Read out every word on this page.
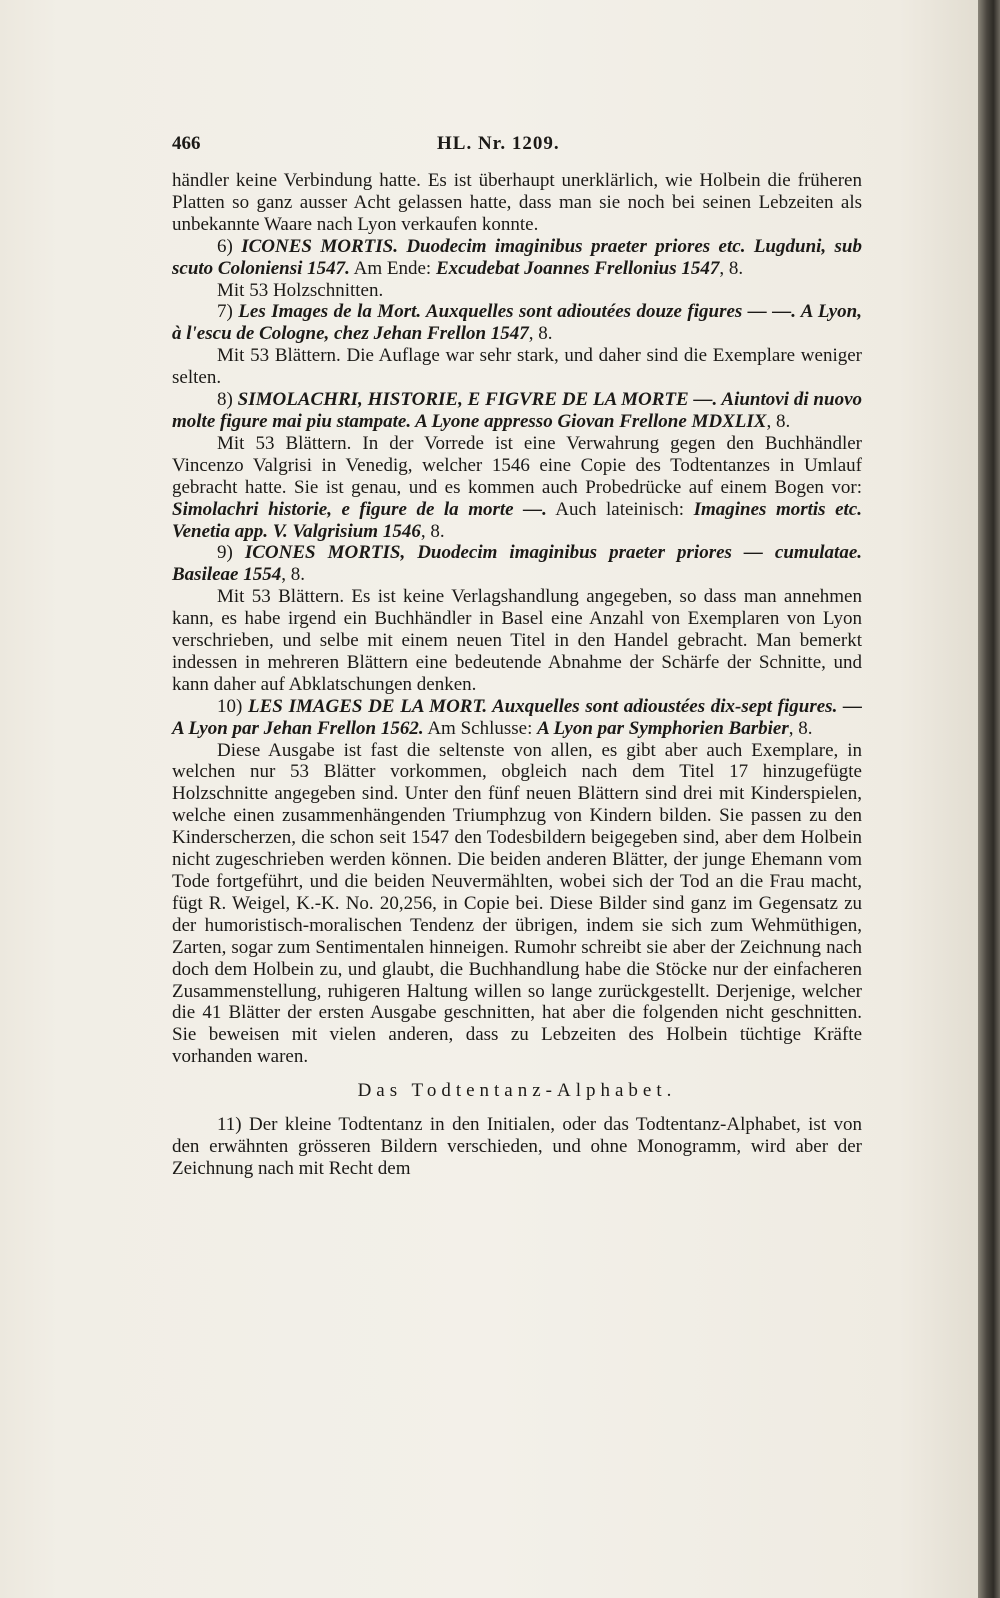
466	HL. Nr. 1209.

händler keine Verbindung hatte. Es ist überhaupt unerklärlich, wie Holbein die früheren Platten so ganz ausser Acht gelassen hatte, dass man sie noch bei seinen Lebzeiten als unbekannte Waare nach Lyon verkaufen konnte.

6) ICONES MORTIS. Duodecim imaginibus praeter priores etc. Lugduni, sub scuto Coloniensi 1547. Am Ende: Excudebat Joannes Frellonius 1547, 8.

Mit 53 Holzschnitten.

7) Les Images de la Mort. Auxquelles sont adioutées douze figures — —. A Lyon, à l'escu de Cologne, chez Jehan Frellon 1547, 8.

Mit 53 Blättern. Die Auflage war sehr stark, und daher sind die Exemplare weniger selten.

8) SIMOLACHRI, HISTORIE, E FIGVRE DE LA MORTE —. Aiuntovi di nuovo molte figure mai piu stampate. A Lyone appresso Giovan Frellone MDXLIX, 8.

Mit 53 Blättern. In der Vorrede ist eine Verwahrung gegen den Buchhändler Vincenzo Valgrisi in Venedig, welcher 1546 eine Copie des Todtentanzes in Umlauf gebracht hatte. Sie ist genau, und es kommen auch Probedrücke auf einem Bogen vor: Simolachri historie, e figure de la morte —. Auch lateinisch: Imagines mortis etc. Venetia app. V. Valgrisium 1546, 8.

9) ICONES MORTIS, Duodecim imaginibus praeter priores — cumulatae. Basileae 1554, 8.

Mit 53 Blättern. Es ist keine Verlagshandlung angegeben, so dass man annehmen kann, es habe irgend ein Buchhändler in Basel eine Anzahl von Exemplaren von Lyon verschrieben, und selbe mit einem neuen Titel in den Handel gebracht. Man bemerkt indessen in mehreren Blättern eine bedeutende Abnahme der Schärfe der Schnitte, und kann daher auf Abklatschungen denken.

10) LES IMAGES DE LA MORT. Auxquelles sont adioustées dix-sept figures. — A Lyon par Jehan Frellon 1562. Am Schlusse: A Lyon par Symphorien Barbier, 8.

Diese Ausgabe ist fast die seltenste von allen, es gibt aber auch Exemplare, in welchen nur 53 Blätter vorkommen, obgleich nach dem Titel 17 hinzugefügte Holzschnitte angegeben sind. Unter den fünf neuen Blättern sind drei mit Kinderspielen, welche einen zusammenhängenden Triumphzug von Kindern bilden. Sie passen zu den Kinderscherzen, die schon seit 1547 den Todesbildern beigegeben sind, aber dem Holbein nicht zugeschrieben werden können. Die beiden anderen Blätter, der junge Ehemann vom Tode fortgeführt, und die beiden Neuvermählten, wobei sich der Tod an die Frau macht, fügt R. Weigel, K.-K. No. 20,256, in Copie bei. Diese Bilder sind ganz im Gegensatz zu der humoristisch-moralischen Tendenz der übrigen, indem sie sich zum Wehmüthigen, Zarten, sogar zum Sentimentalen hinneigen. Rumohr schreibt sie aber der Zeichnung nach doch dem Holbein zu, und glaubt, die Buchhandlung habe die Stöcke nur der einfacheren Zusammenstellung, ruhigeren Haltung willen so lange zurückgestellt. Derjenige, welcher die 41 Blätter der ersten Ausgabe geschnitten, hat aber die folgenden nicht geschnitten. Sie beweisen mit vielen anderen, dass zu Lebzeiten des Holbein tüchtige Kräfte vorhanden waren.

Das Todtentanz-Alphabet.

11) Der kleine Todtentanz in den Initialen, oder das Todtentanz-Alphabet, ist von den erwähnten grösseren Bildern verschieden, und ohne Monogramm, wird aber der Zeichnung nach mit Recht dem
